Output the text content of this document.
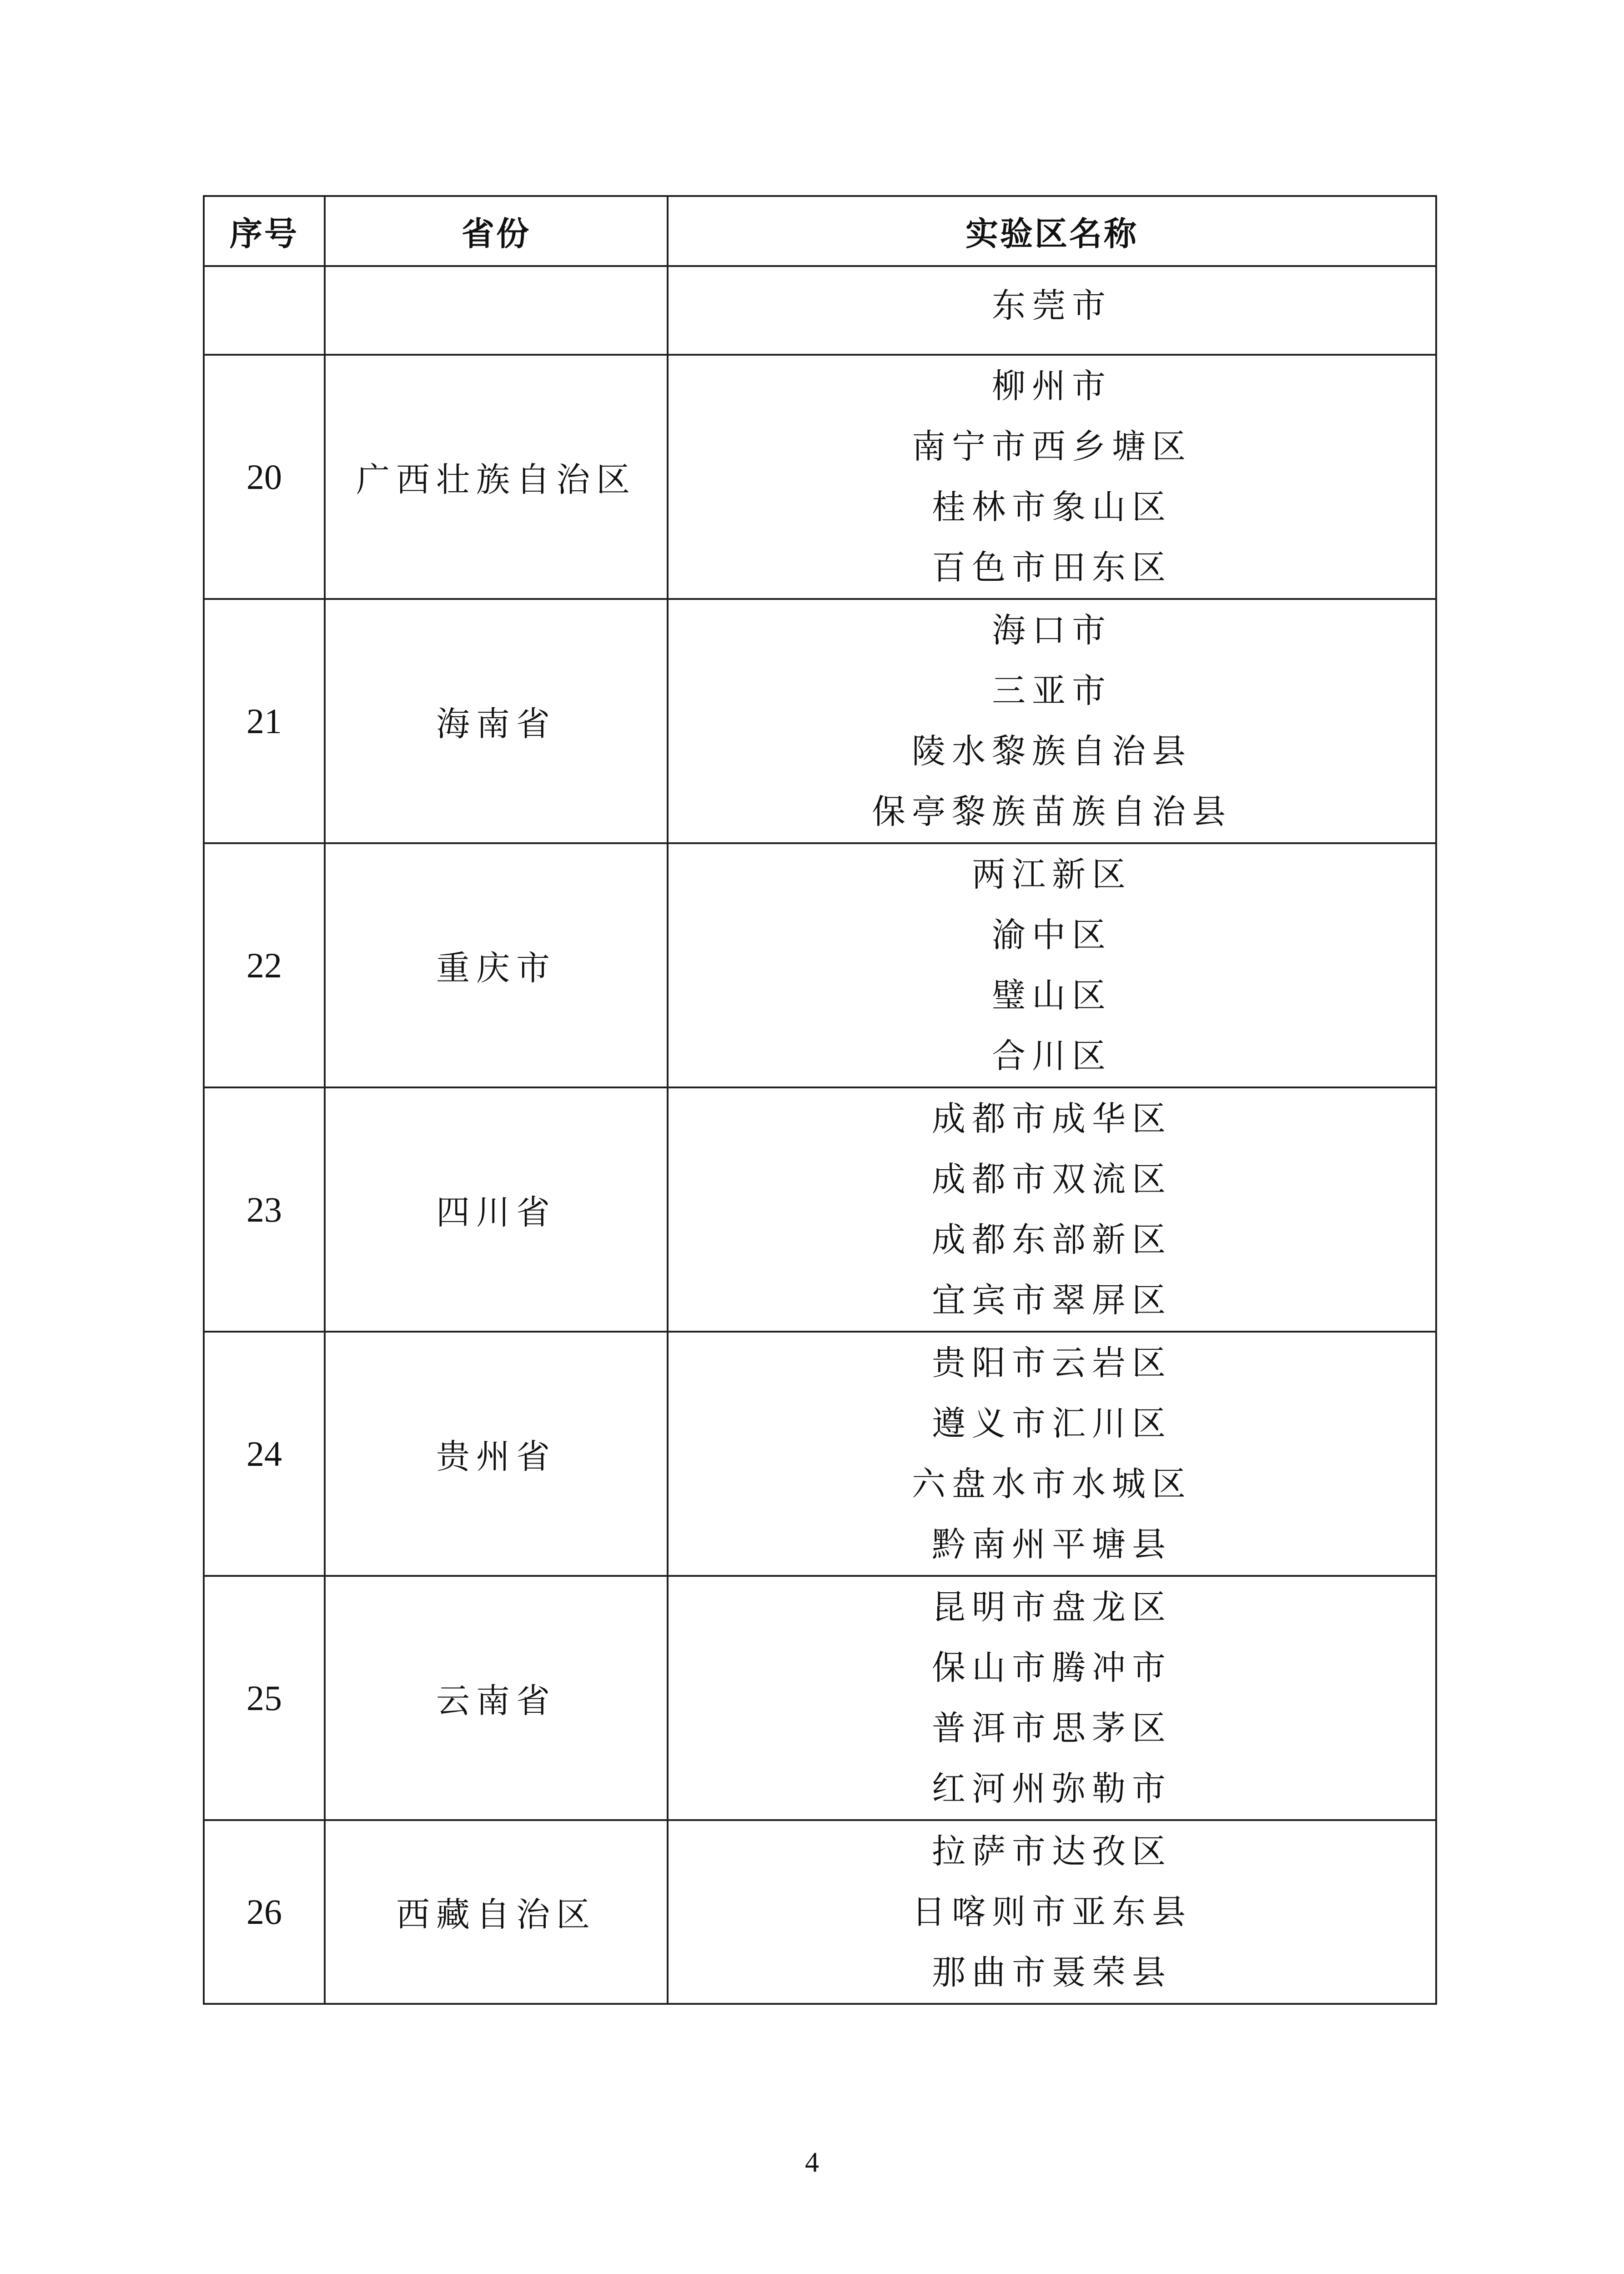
序号	省份	实验区名称

		东莞市

20	广西壮族自治区	柳州市
南宁市西乡塘区
桂林市象山区
百色市田东区

21	海南省	海口市
三亚市
陵水黎族自治县
保亭黎族苗族自治县

22	重庆市	两江新区
渝中区
璧山区
合川区

23	四川省	成都市成华区
成都市双流区
成都东部新区
宜宾市翠屏区

24	贵州省	贵阳市云岩区
遵义市汇川区
六盘水市水城区
黔南州平塘县

25	云南省	昆明市盘龙区
保山市腾冲市
普洱市思茅区
红河州弥勒市

26	西藏自治区	拉萨市达孜区
日喀则市亚东县
那曲市聂荣县
4
